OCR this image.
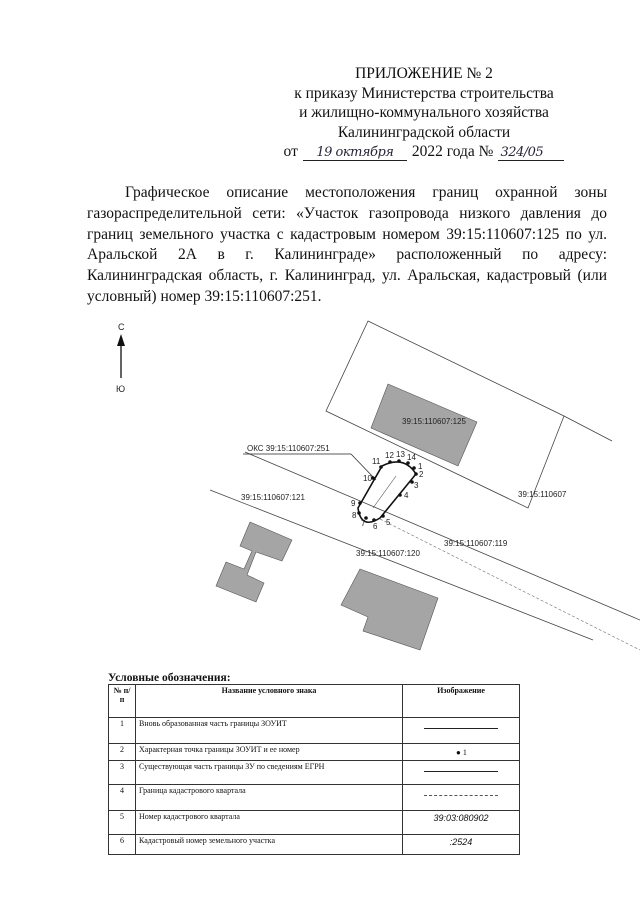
ПРИЛОЖЕНИЕ № 2
к приказу Министерства строительства
и жилищно-коммунального хозяйства
Калининградской области
от	19 октября	2022 года № 324/05

Графическое описание местоположения границ охранной зоны газораспределительной сети: «Участок газопровода низкого давления до границ земельного участка с кадастровым номером 39:15:110607:125 по ул. Аральской 2А в г. Калининграде» расположенный по адресу: Калининградская область, г. Калининград, ул. Аральская, кадастровый (или условный) номер 39:15:110607:251.

С
Ю
39:15:110607:125
39:15:110607
ОКС 39:15:110607:251
1
2
3
4
5
6
7
8
9
10
11
12 13 14
39:15:110607:121
39:15:110607:120
39:15:110607:119
Условные обозначения:
№ п/ п	Название условного знака	Изображение
1	Вновь образованная часть границы ЗОУИТ	

2	Характерная точка границы ЗОУИТ и ее номер	● 1

3	Существующая часть границы ЗУ по сведениям ЕГРН	

4	Граница кадастрового квартала	

5	Номер кадастрового квартала	39:03:080902

6	Кадастровый номер земельного участка	:2524
